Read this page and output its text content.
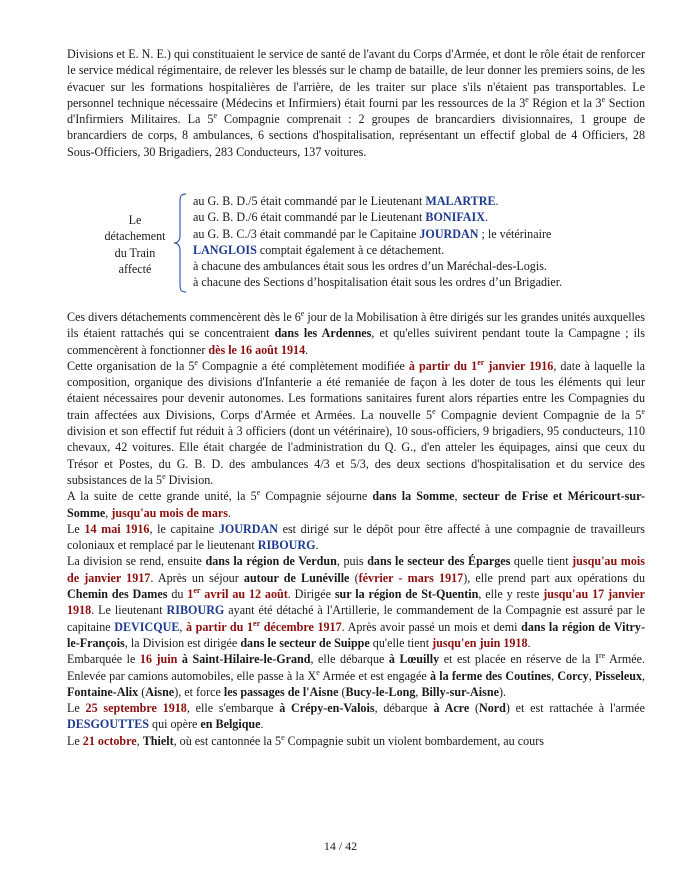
Divisions et E. N. E.) qui constituaient le service de santé de l'avant du Corps d'Armée, et dont le rôle était de renforcer le service médical régimentaire, de relever les blessés sur le champ de bataille, de leur donner les premiers soins, de les évacuer sur les formations hospitalières de l'arrière, de les traiter sur place s'ils n'étaient pas transportables. Le personnel technique nécessaire (Médecins et Infirmiers) était fourni par les ressources de la 3e Région et la 3e Section d'Infirmiers Militaires. La 5e Compagnie comprenait : 2 groupes de brancardiers divisionnaires, 1 groupe de brancardiers de corps, 8 ambulances, 6 sections d'hospitalisation, représentant un effectif global de 4 Officiers, 28 Sous-Officiers, 30 Brigadiers, 283 Conducteurs, 137 voitures.

Le détachement du Train affecté
au G. B. D./5 était commandé par le Lieutenant MALARTRE.
au G. B. D./6 était commandé par le Lieutenant BONIFAIX.
au G. B. C./3 était commandé par le Capitaine JOURDAN ; le vétérinaire
LANGLOIS comptait également à ce détachement.
à chacune des ambulances était sous les ordres d’un Maréchal-des-Logis.
à chacune des Sections d’hospitalisation était sous les ordres d’un Brigadier.

Ces divers détachements commencèrent dès le 6e jour de la Mobilisation à être dirigés sur les grandes unités auxquelles ils étaient rattachés qui se concentraient dans les Ardennes, et qu'elles suivirent pendant toute la Campagne ; ils commencèrent à fonctionner dès le 16 août 1914.
Cette organisation de la 5e Compagnie a été complètement modifiée à partir du 1er janvier 1916, date à laquelle la composition, organique des divisions d'Infanterie a été remaniée de façon à les doter de tous les éléments qui leur étaient nécessaires pour devenir autonomes. Les formations sanitaires furent alors réparties entre les Compagnies du train affectées aux Divisions, Corps d'Armée et Armées. La nouvelle 5e Compagnie devient Compagnie de la 5e division et son effectif fut réduit à 3 officiers (dont un vétérinaire), 10 sous-officiers, 9 brigadiers, 95 conducteurs, 110 chevaux, 42 voitures. Elle était chargée de l'administration du Q. G., d'en atteler les équipages, ainsi que ceux du Trésor et Postes, du G. B. D. des ambulances 4/3 et 5/3, des deux sections d'hospitalisation et du service des subsistances de la 5e Division.
A la suite de cette grande unité, la 5e Compagnie séjourne dans la Somme, secteur de Frise et Méricourt-sur-Somme, jusqu'au mois de mars.
Le 14 mai 1916, le capitaine JOURDAN est dirigé sur le dépôt pour être affecté à une compagnie de travailleurs coloniaux et remplacé par le lieutenant RIBOURG.
La division se rend, ensuite dans la région de Verdun, puis dans le secteur des Éparges quelle tient jusqu'au mois de janvier 1917. Après un séjour autour de Lunéville (février - mars 1917), elle prend part aux opérations du Chemin des Dames du 1er avril au 12 août. Dirigée sur la région de St-Quentin, elle y reste jusqu'au 17 janvier 1918. Le lieutenant RIBOURG ayant été détaché à l'Artillerie, le commandement de la Compagnie est assuré par le capitaine DEVICQUE, à partir du 1er décembre 1917. Après avoir passé un mois et demi dans la région de Vitry-le-François, la Division est dirigée dans le secteur de Suippe qu'elle tient jusqu'en juin 1918.
Embarquée le 16 juin à Saint-Hilaire-le-Grand, elle débarque à Lœuilly et est placée en réserve de la Ire Armée. Enlevée par camions automobiles, elle passe à la Xe Armée et est engagée à la ferme des Coutines, Corcy, Pisseleux, Fontaine-Alix (Aisne), et force les passages de l'Aisne (Bucy-le-Long, Billy-sur-Aisne).
Le 25 septembre 1918, elle s'embarque à Crépy-en-Valois, débarque à Acre (Nord) et est rattachée à l'armée DESGOUTTES qui opère en Belgique.
Le 21 octobre, Thielt, où est cantonnée la 5e Compagnie subit un violent bombardement, au cours

14 / 42
